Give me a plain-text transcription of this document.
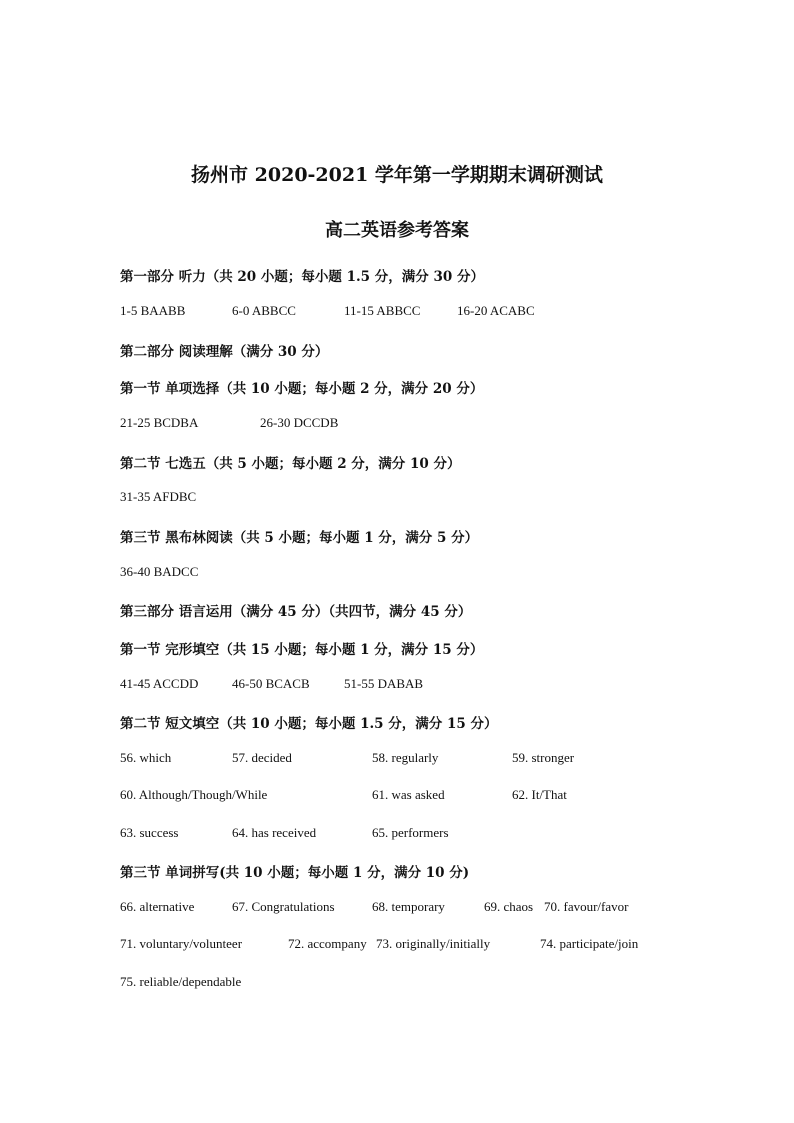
扬州市 2020-2021 学年第一学期期末调研测试
高二英语参考答案
第一部分 听力（共 20 小题；每小题 1.5 分，满分 30 分）
1-5 BAABB	6-0 ABBCC	11-15 ABBCC	16-20 ACABC
第二部分 阅读理解（满分 30 分）
第一节 单项选择（共 10 小题；每小题 2 分，满分 20 分）
21-25 BCDBA	26-30 DCCDB
第二节 七选五（共 5 小题；每小题 2 分，满分 10 分）
31-35 AFDBC
第三节 黑布林阅读（共 5 小题；每小题 1 分，满分 5 分）
36-40 BADCC
第三部分 语言运用（满分 45 分）（共四节，满分 45 分）
第一节 完形填空（共 15 小题；每小题 1 分，满分 15 分）
41-45 ACCDD	46-50 BCACB	51-55 DABAB
第二节 短文填空（共 10 小题；每小题 1.5 分，满分 15 分）
56. which	57. decided	58. regularly	59. stronger
60. Although/Though/While	61. was asked	62. It/That
63. success	64. has received	65. performers
第三节 单词拼写(共 10 小题；每小题 1 分，满分 10 分)
66. alternative	67. Congratulations	68. temporary	69. chaos 70. favour/favor
71. voluntary/volunteer	72. accompany 73. originally/initially	74. participate/join
75. reliable/dependable
